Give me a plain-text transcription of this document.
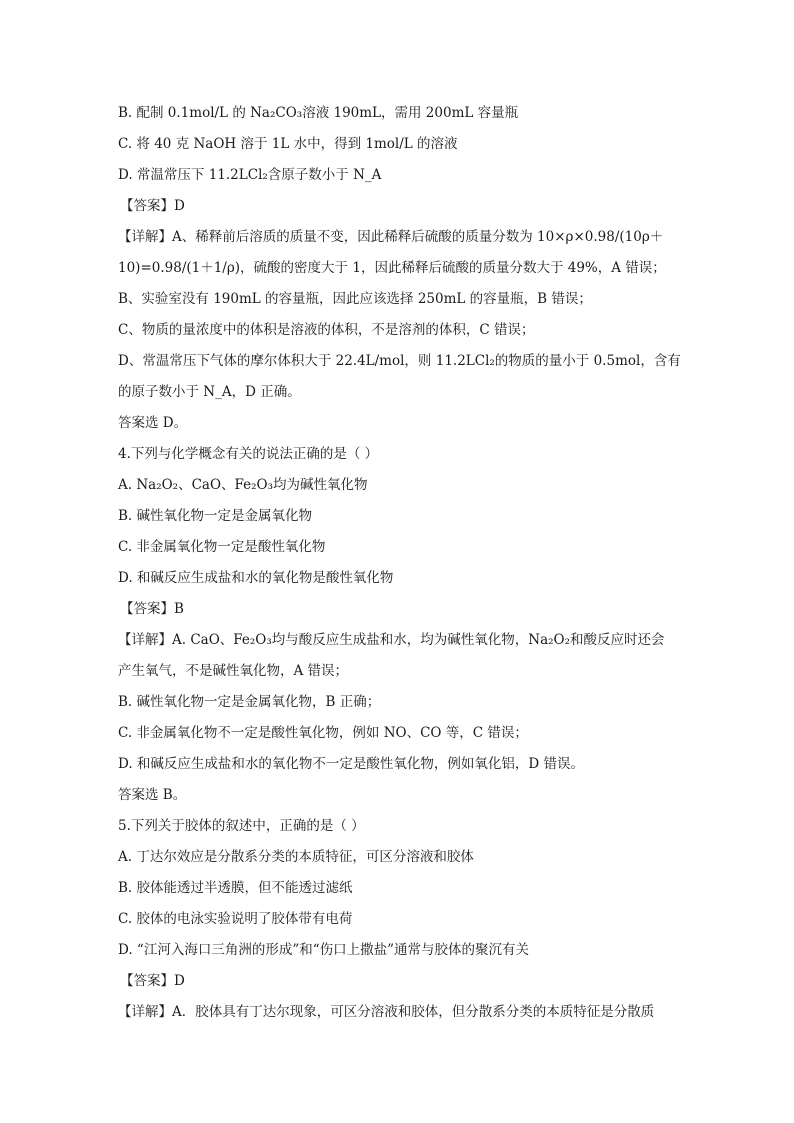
B. 配制 0.1mol/L 的 Na₂CO₃溶液 190mL，需用 200mL 容量瓶
C. 将 40 克 NaOH 溶于 1L 水中，得到 1mol/L 的溶液
D. 常温常压下 11.2LCl₂含原子数小于 N_A
【答案】D
【详解】A、稀释前后溶质的质量不变，因此稀释后硫酸的质量分数为 10×ρ×0.98/(10ρ＋
10)=0.98/(1＋1/ρ)，硫酸的密度大于 1，因此稀释后硫酸的质量分数大于 49%，A 错误；
B、实验室没有 190mL 的容量瓶，因此应该选择 250mL 的容量瓶，B 错误；
C、物质的量浓度中的体积是溶液的体积，不是溶剂的体积，C 错误；
D、常温常压下气体的摩尔体积大于 22.4L/mol，则 11.2LCl₂的物质的量小于 0.5mol，含有
的原子数小于 N_A，D 正确。
答案选 D。
4.下列与化学概念有关的说法正确的是（ ）
A. Na₂O₂、CaO、Fe₂O₃均为碱性氧化物
B. 碱性氧化物一定是金属氧化物
C. 非金属氧化物一定是酸性氧化物
D. 和碱反应生成盐和水的氧化物是酸性氧化物
【答案】B
【详解】A. CaO、Fe₂O₃均与酸反应生成盐和水，均为碱性氧化物，Na₂O₂和酸反应时还会
产生氧气，不是碱性氧化物，A 错误；
B. 碱性氧化物一定是金属氧化物，B 正确；
C. 非金属氧化物不一定是酸性氧化物，例如 NO、CO 等，C 错误；
D. 和碱反应生成盐和水的氧化物不一定是酸性氧化物，例如氧化铝，D 错误。
答案选 B。
5.下列关于胶体的叙述中，正确的是（ ）
A. 丁达尔效应是分散系分类的本质特征，可区分溶液和胶体
B. 胶体能透过半透膜，但不能透过滤纸
C. 胶体的电泳实验说明了胶体带有电荷
D. “江河入海口三角洲的形成”和“伤口上撒盐”通常与胶体的聚沉有关
【答案】D
【详解】A．胶体具有丁达尔现象，可区分溶液和胶体，但分散系分类的本质特征是分散质
